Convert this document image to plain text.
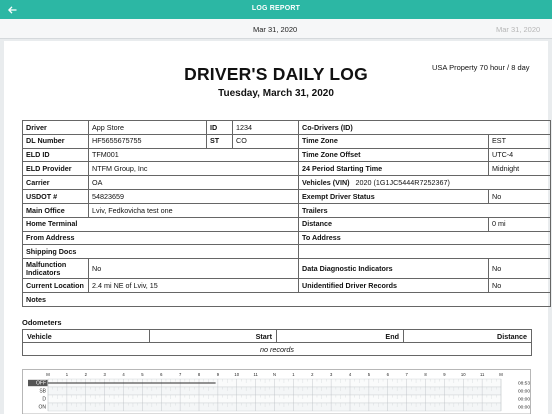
LOG REPORT
Mar 31, 2020	Mar 31, 2020
DRIVER'S DAILY LOG
Tuesday, March 31, 2020
USA Property 70 hour / 8 day
Driver	App Store	ID	1234	Co-Drivers (ID)	
DL Number	HF5655675755	ST	CO	Time Zone	EST
ELD ID	TFM001			Time Zone Offset	UTC-4
ELD Provider	NTFM Group, Inc			24 Period Starting Time	Midnight
Carrier	OA			Vehicles (VIN) 2020 (1G1JC5444R7252367)	
USDOT #	54823659			Exempt Driver Status	No
Main Office	Lviv, Fedkovicha test one			Trailers	
Home Terminal				Distance	0 mi
From Address				To Address	
Shipping Docs					
Malfunction Indicators	No			Data Diagnostic Indicators	No
Current Location	2.4 mi NE of Lviv, 15			Unidentified Driver Records	No
Notes					
Odometers
Vehicle	Start	End	Distance
no records
M	1	2	3	4	5	6	7	8	9	10	11	N	1	2	3	4	5	6	7	8	9	10	11	M
OFF	08:53
SB	00:00
D	00:00
ON	00:00
